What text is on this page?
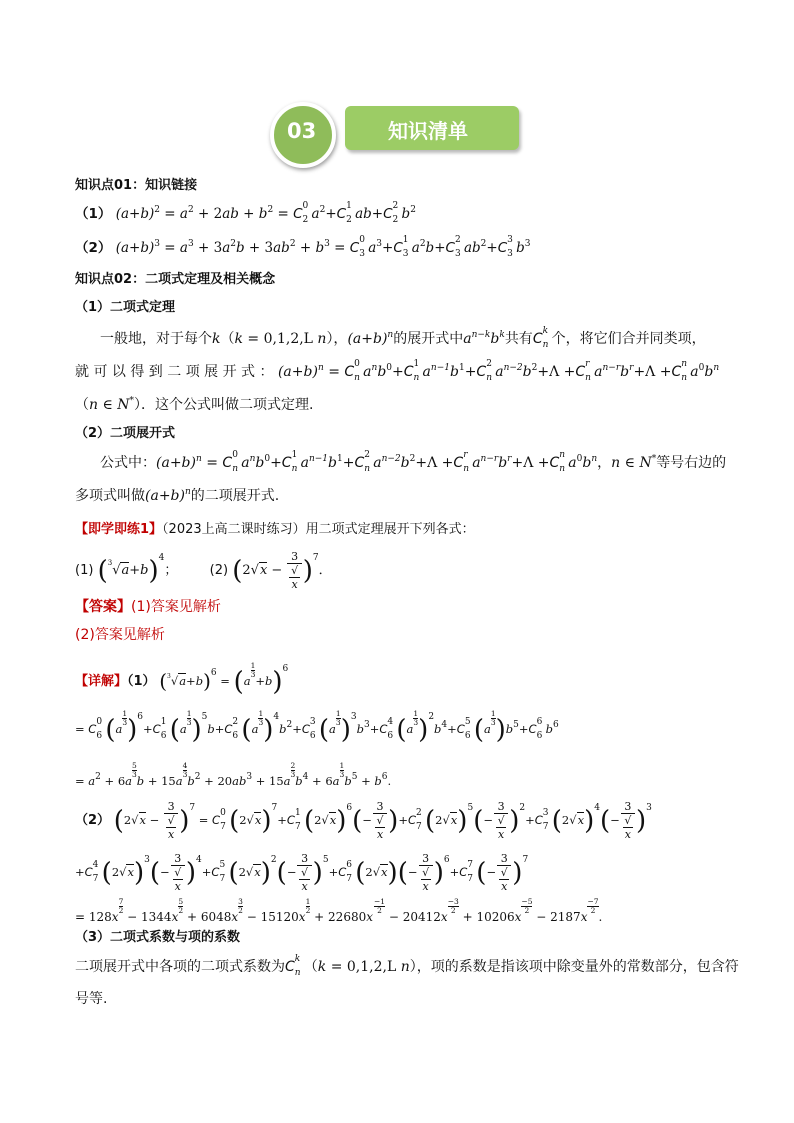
知识清单
03
知识点01：知识链接
（1） $(a+b)^2 = a^2 + 2ab + b^2 = C$ 0
2 $a^2+C$ 1
2 ab+C 2
2 $b^2$
（2） $(a+b)^3 = a^3 + 3a^2b + 3ab^2 + b^3 = C$ 0
3 $a^3+C$ 1
3 $a^2b+C$ 2
3 $ab^2+C$ 3
3 $b^3$
知识点02：二项式定理及相关概念
（1）二项式定理
一般地，对于每个k（k = 0,1,2,L n），$(a+b)^n$的展开式中$a^{n-k}b^k$共有C k
n 个，将它们合并同类项，
就 可 以 得 到 二 项 展 开 式 ： $(a+b)^n = C$ 0
n $a^nb^0+C$ 1
n $a^{n-1}b^1+C$ 2
n $a^{n-2}b^2+\Lambda +C$ r
n $a^{n-r}b^r+\Lambda +C$ n
n $a^0b^n$
（n ∈ N*）．这个公式叫做二项式定理.
（2）二项展开式
公式中：$(a+b)^n = C$ 0
n $a^nb^0+C$ 1
n $a^{n-1}b^1+C$ 2
n $a^{n-2}b^2+\Lambda +C$ r
n $a^{n-r}b^r+\Lambda +C$ n
n $a^0b^n$，n ∈ N*等号右边的
多项式叫做$(a+b)^n$的二项展开式.
【即学即练1】（2023上高二课时练习）用二项式定理展开下列各式：
(1) $(^3√a+b)^4$； (2) (2√x − 3
√
x )$^7$．
【答案】(1)答案见解析
(2)答案见解析
【详解】（1） $(^3√a+b)^6 = (a$
$\frac{1}{3}$
+b)$^6$
= C 0
6 (a
$\frac{1}{3} )^6+C$ 1
6 (a
$\frac{1}{3} )^5b+C$ 2
6 (a
$\frac{1}{3} )^4b^2+C$ 3
6 (a
$\frac{1}{3} )^3b^3+C$ 4
6 (a
$\frac{1}{3} )^2b^4+C$ 5
6 (a
$\frac{1}{3} )b^5+C$ 6
6 $b^6$
= $a^2 + 6a$
$\frac{5}{3}$
b + 15a
$\frac{4}{3}$
$b^2 + 20ab^3 + 15a$
$\frac{2}{3}$
$b^4 + 6a$
$\frac{1}{3}$
$b^5 + b^6$.
（2） (2√x − 3
√
x )$^7$ = C 0
7 $(2√x)^7+C$ 1
7 $(2√x)^6(- 3$
√
x )+C 2
7 $(2√x)^5(- 3$
√
x )$^2$+C 3
7 $(2√x)^4(- 3$
√
x )$^3$
+C 4
7 $(2√x)^3(- 3$
√
x )$^4$+C 5
7 $(2√x)^2(- 3$
√
x )$^5$+C 6
7 (2√x)(− 3
√
x )$^6$+C 7
7 (− 3
√
x )$^7$
= 128x
$\frac{7}{2}$
− 1344x
$\frac{5}{2}$
+ 6048x
$\frac{3}{2}$
− 15120x
$\frac{1}{2}$
+ 22680x
$\frac{-1}{2}$
− 20412x
$\frac{-3}{2}$
+ 10206x
$\frac{-5}{2}$
− 2187x
$\frac{-7}{2}$
.
（3）二项式系数与项的系数
二项展开式中各项的二项式系数为C k
n （k = 0,1,2,L n），项的系数是指该项中除变量外的常数部分，包含符
号等.
